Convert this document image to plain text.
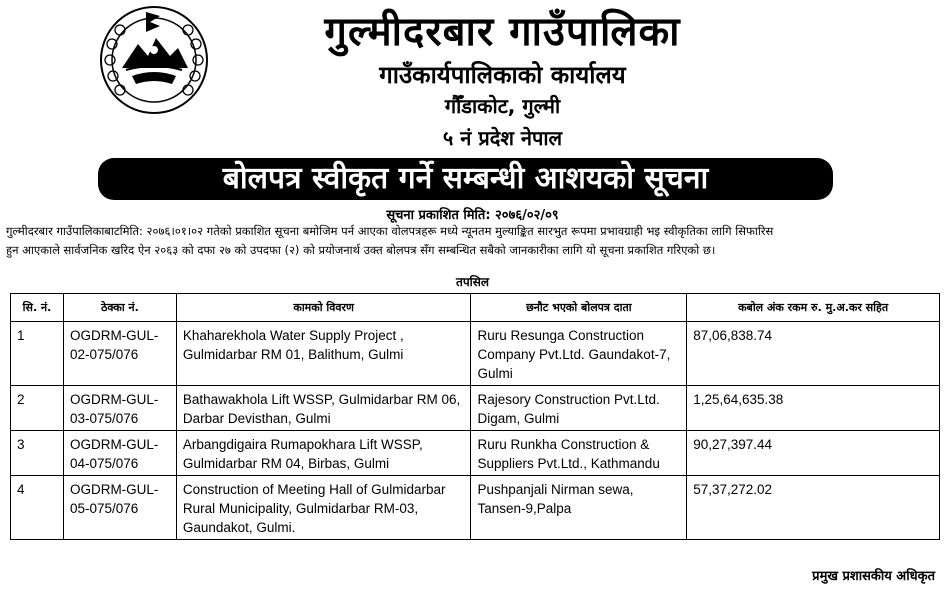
गुल्मीदरबार गाउँपालिका
गाउँकार्यपालिकाको कार्यालय
गौँडाकोट, गुल्मी
५ नं प्रदेश नेपाल
बोलपत्र स्वीकृत गर्ने सम्बन्धी आशयको सूचना
सूचना प्रकाशित मिति: २०७६/०२/०९
गुल्मीदरबार गाउँपालिकाबाटमिति: २०७६।०१।०२ गतेको प्रकाशित सूचना बमोजिम पर्न आएका वोलपत्रहरू मध्ये न्यूनतम मुल्याङ्कित सारभुत रूपमा प्रभावग्राही भइ स्वीकृतिका लागि सिफारिस
हुन आएकाले सार्वजनिक खरिद ऐन २०६३ को दफा २७ को उपदफा (२) को प्रयोजनार्थ उक्त बोलपत्र सँग सम्बन्धित सबैको जानकारीका लागि यो सूचना प्रकाशित गरिएको छ।
तपसिल
सि. नं.	ठेक्का नं.	कामको विवरण	छनौट भएको बोलपत्र दाता	कबोल अंक रकम रु. मु.अ.कर सहित
1	OGDRM-GUL-02-075/076	Khaharekhola Water Supply Project , Gulmidarbar RM 01, Balithum, Gulmi	Ruru Resunga Construction Company Pvt.Ltd. Gaundakot-7, Gulmi	87,06,838.74
2	OGDRM-GUL-03-075/076	Bathawakhola Lift WSSP, Gulmidarbar RM 06, Darbar Devisthan, Gulmi	Rajesory Construction Pvt.Ltd. Digam, Gulmi	1,25,64,635.38
3	OGDRM-GUL-04-075/076	Arbangdigaira Rumapokhara Lift WSSP, Gulmidarbar RM 04, Birbas, Gulmi	Ruru Runkha Construction & Suppliers Pvt.Ltd., Kathmandu	90,27,397.44
4	OGDRM-GUL-05-075/076	Construction of Meeting Hall of Gulmidarbar Rural Municipality, Gulmidarbar RM-03, Gaundakot, Gulmi.	Pushpanjali Nirman sewa, Tansen-9,Palpa	57,37,272.02
प्रमुख प्रशासकीय अधिकृत
